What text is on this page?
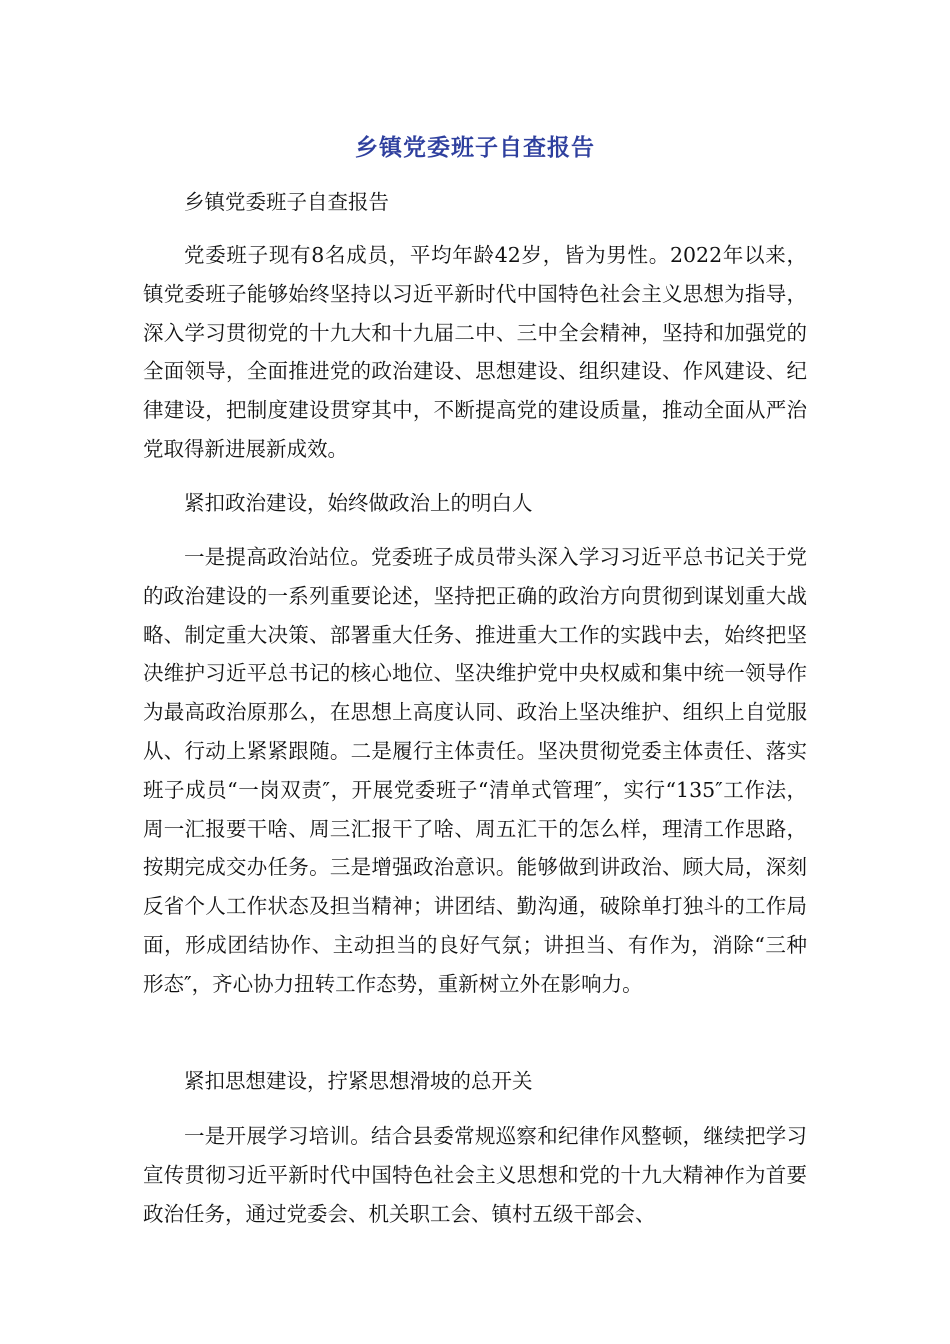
乡镇党委班子自查报告

乡镇党委班子自查报告

党委班子现有8名成员，平均年龄42岁，皆为男性。2022年以来，镇党委班子能够始终坚持以习近平新时代中国特色社会主义思想为指导，深入学习贯彻党的十九大和十九届二中、三中全会精神，坚持和加强党的全面领导，全面推进党的政治建设、思想建设、组织建设、作风建设、纪律建设，把制度建设贯穿其中，不断提高党的建设质量，推动全面从严治党取得新进展新成效。

紧扣政治建设，始终做政治上的明白人

一是提高政治站位。党委班子成员带头深入学习习近平总书记关于党的政治建设的一系列重要论述，坚持把正确的政治方向贯彻到谋划重大战略、制定重大决策、部署重大任务、推进重大工作的实践中去，始终把坚决维护习近平总书记的核心地位、坚决维护党中央权威和集中统一领导作为最高政治原那么，在思想上高度认同、政治上坚决维护、组织上自觉服从、行动上紧紧跟随。二是履行主体责任。坚决贯彻党委主体责任、落实班子成员“一岗双责″，开展党委班子“清单式管理″，实行“135″工作法，周一汇报要干啥、周三汇报干了啥、周五汇干的怎么样，理清工作思路，按期完成交办任务。三是增强政治意识。能够做到讲政治、顾大局，深刻反省个人工作状态及担当精神；讲团结、勤沟通，破除单打独斗的工作局面，形成团结协作、主动担当的良好气氛；讲担当、有作为，消除“三种形态″，齐心协力扭转工作态势，重新树立外在影响力。

紧扣思想建设，拧紧思想滑坡的总开关

一是开展学习培训。结合县委常规巡察和纪律作风整顿，继续把学习宣传贯彻习近平新时代中国特色社会主义思想和党的十九大精神作为首要政治任务，通过党委会、机关职工会、镇村五级干部会、
